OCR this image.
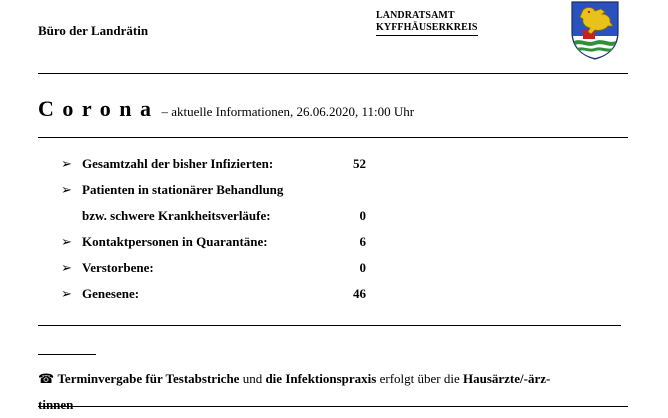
Büro der Landrätin
LANDRATSAMT
KYFFHÄUSERKREIS
Corona – aktuelle Informationen, 26.06.2020, 11:00 Uhr
➢ Gesamtzahl der bisher Infizierten:	52
➢ Patienten in stationärer Behandlung
bzw. schwere Krankheitsverläufe:	0
➢ Kontaktpersonen in Quarantäne:	6
➢ Verstorbene:	0
➢ Genesene:	46
☎ Terminvergabe für Testabstriche und die Infektionspraxis erfolgt über die Hausärzte/-ärz-
tinnen
